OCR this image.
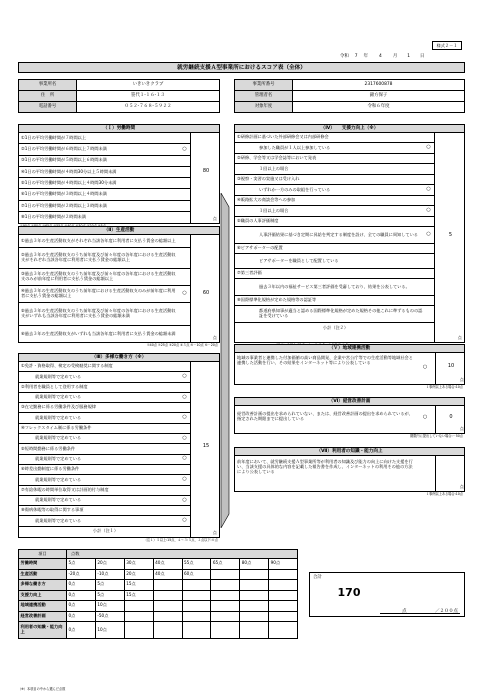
様式２－１
令和 7 年	4	月 1 日
就労継続支援Ａ型事業所におけるスコア表（全体）
事業所名	いきいきクラブ
住　所	笹代１-１６-１３
電話番号	０５２-７６８-５９２２
事業所番号	2317600878
管理者名	錦方保子
対象年度	令和６年度
（Ｉ）労働時間
①1日の平均労働時間が７時間以上
②1日の平均労働時間が６時間以上７時間未満	○
③1日の平均労働時間が５時間以上６時間未満
④1日の平均労働時間が４時間30分以上５時間未満
⑤1日の平均労働時間が４時間以上４時間30分未満
⑥1日の平均労働時間が３時間以上４時間未満
⑦1日の平均労働時間が２時間以上３時間未満
⑧1日の平均労働時間が２時間未満
80
点
（Ⅱ）生産活動
①過去３年の生産活動収支がそれぞれ当該各年度に利用者に支払う賃金の総額以上
②過去３年の生産活動収支のうち前年度及び前々年度の各年度における生産活動収支がそれぞれ当該各年度に利用者に支払う賃金の総額以上
③過去３年の生産活動収支のうち前年度及び前々年度の各年度における生産活動収支のみが前年度に利用者に支払う賃金の総額以上
④過去３年の生産活動収支のうち前年度における生産活動収支のみが前年度に利用者に支払う賃金の総額以上	○
⑤過去３年の生産活動収支のうち前年度及び前々年度の各年度における生産活動収支がいずれも当該各年度に利用者に支払う賃金の総額未満
⑥過去３年の生産活動収支がいずれも当該各年度に利用者に支払う賃金の総額未満
60
点
①40点 ②25点 ③20点 ④５点 ⑤－10点 ⑥－20点
（Ⅲ）多様な働き方（※）
①免許・資格取得、検定の受検勧奨に関する制度
就業規則等で定めている	○
②利用者を職員として登用する制度
就業規則等で定めている	○
③在宅勤務に係る労働条件及び服務規律
就業規則等で定めている	○
④フレックスタイム制に係る労働条件
就業規則等で定めている	○
⑤短時間勤務に係る労働条件
就業規則等で定めている	○
⑥時差出勤制度に係る労働条件
就業規則等で定めている	○
⑦有給休暇の時間単位取得又は計画的付与制度
就業規則等で定めている	○
⑧傷病休暇等の取得に関する事項
就業規則等で定めている	○
小計（注１）
15
点
（注１）５以上:15点、４～３:５点、２点以下:０点
（Ⅳ）　　支援力向上（※）
①研修計画に基づいた外部研修会又は内部研修会
参加した職員が１人以上参加している	○
②研修、学会等又は学会誌等において発表
１回以上の場合
③視察・実習の実施又は受け入れ
いずれか一方のみの取組を行っている	○
④販路拡大の商談会等への参加
１回以上の場合	○
⑤職員の人事評価制度
人事評価結果に基づき定期に昇給を判定する制度を設け、全ての職員に周知している	○
⑥ピアサポーターの配置
ピアサポーターを職員として配置している
⑦第三者評価
過去３年以内の福祉サービス第三者評価を受審しており、結果を公表している。
⑧国際標準化規格が定めた規格等の認証等
都道府県知事が適当と認める国際標準化規格が定めた規格その他これに準ずるものの認証を受けている
小計（注２）
5
点
（Ｖ）地域連携活動
地域の事業者と連携した付加価値の高い商品開発、企業や宮公庁等での生産活動等地域社会と連携した活動を行い、その結果をインターネット等により公表している
○	10
点
１事例以上ある場合:10点
（Ⅵ）経営改善計画
経営改善計画の提出を求められていない、または、経営改善計画の提出を求められているが、指定された期限までに提出している	○	0
点
期限内に提出していない場合:－50点
（Ⅶ）利用者の知識・能力向上
前年度において、就労継続支援Ａ型事業所等が利用者の知識及び能力の向上に向けた支援を行い、当該支援の具体的な内容を記載した報告書を作成し、インターネットの利用その他の方法により公表している
点
１事例以上ある場合:10点
項目	点数							
労働時間	5点	20点	30点	40点	55点	65点	80点	90点
生産活動	-20点	-10点	20点	40点	60点			
多様な働き方	0点	5点	15点					
支援力向上	0点	5点	15点					
地域連携活動	0点	10点						
経営改善計画	0点	-50点						
利用者の知識・能力向上	0点	10点						
（※）本項目の中から選んだ点数
合計
170
点	／２００点
